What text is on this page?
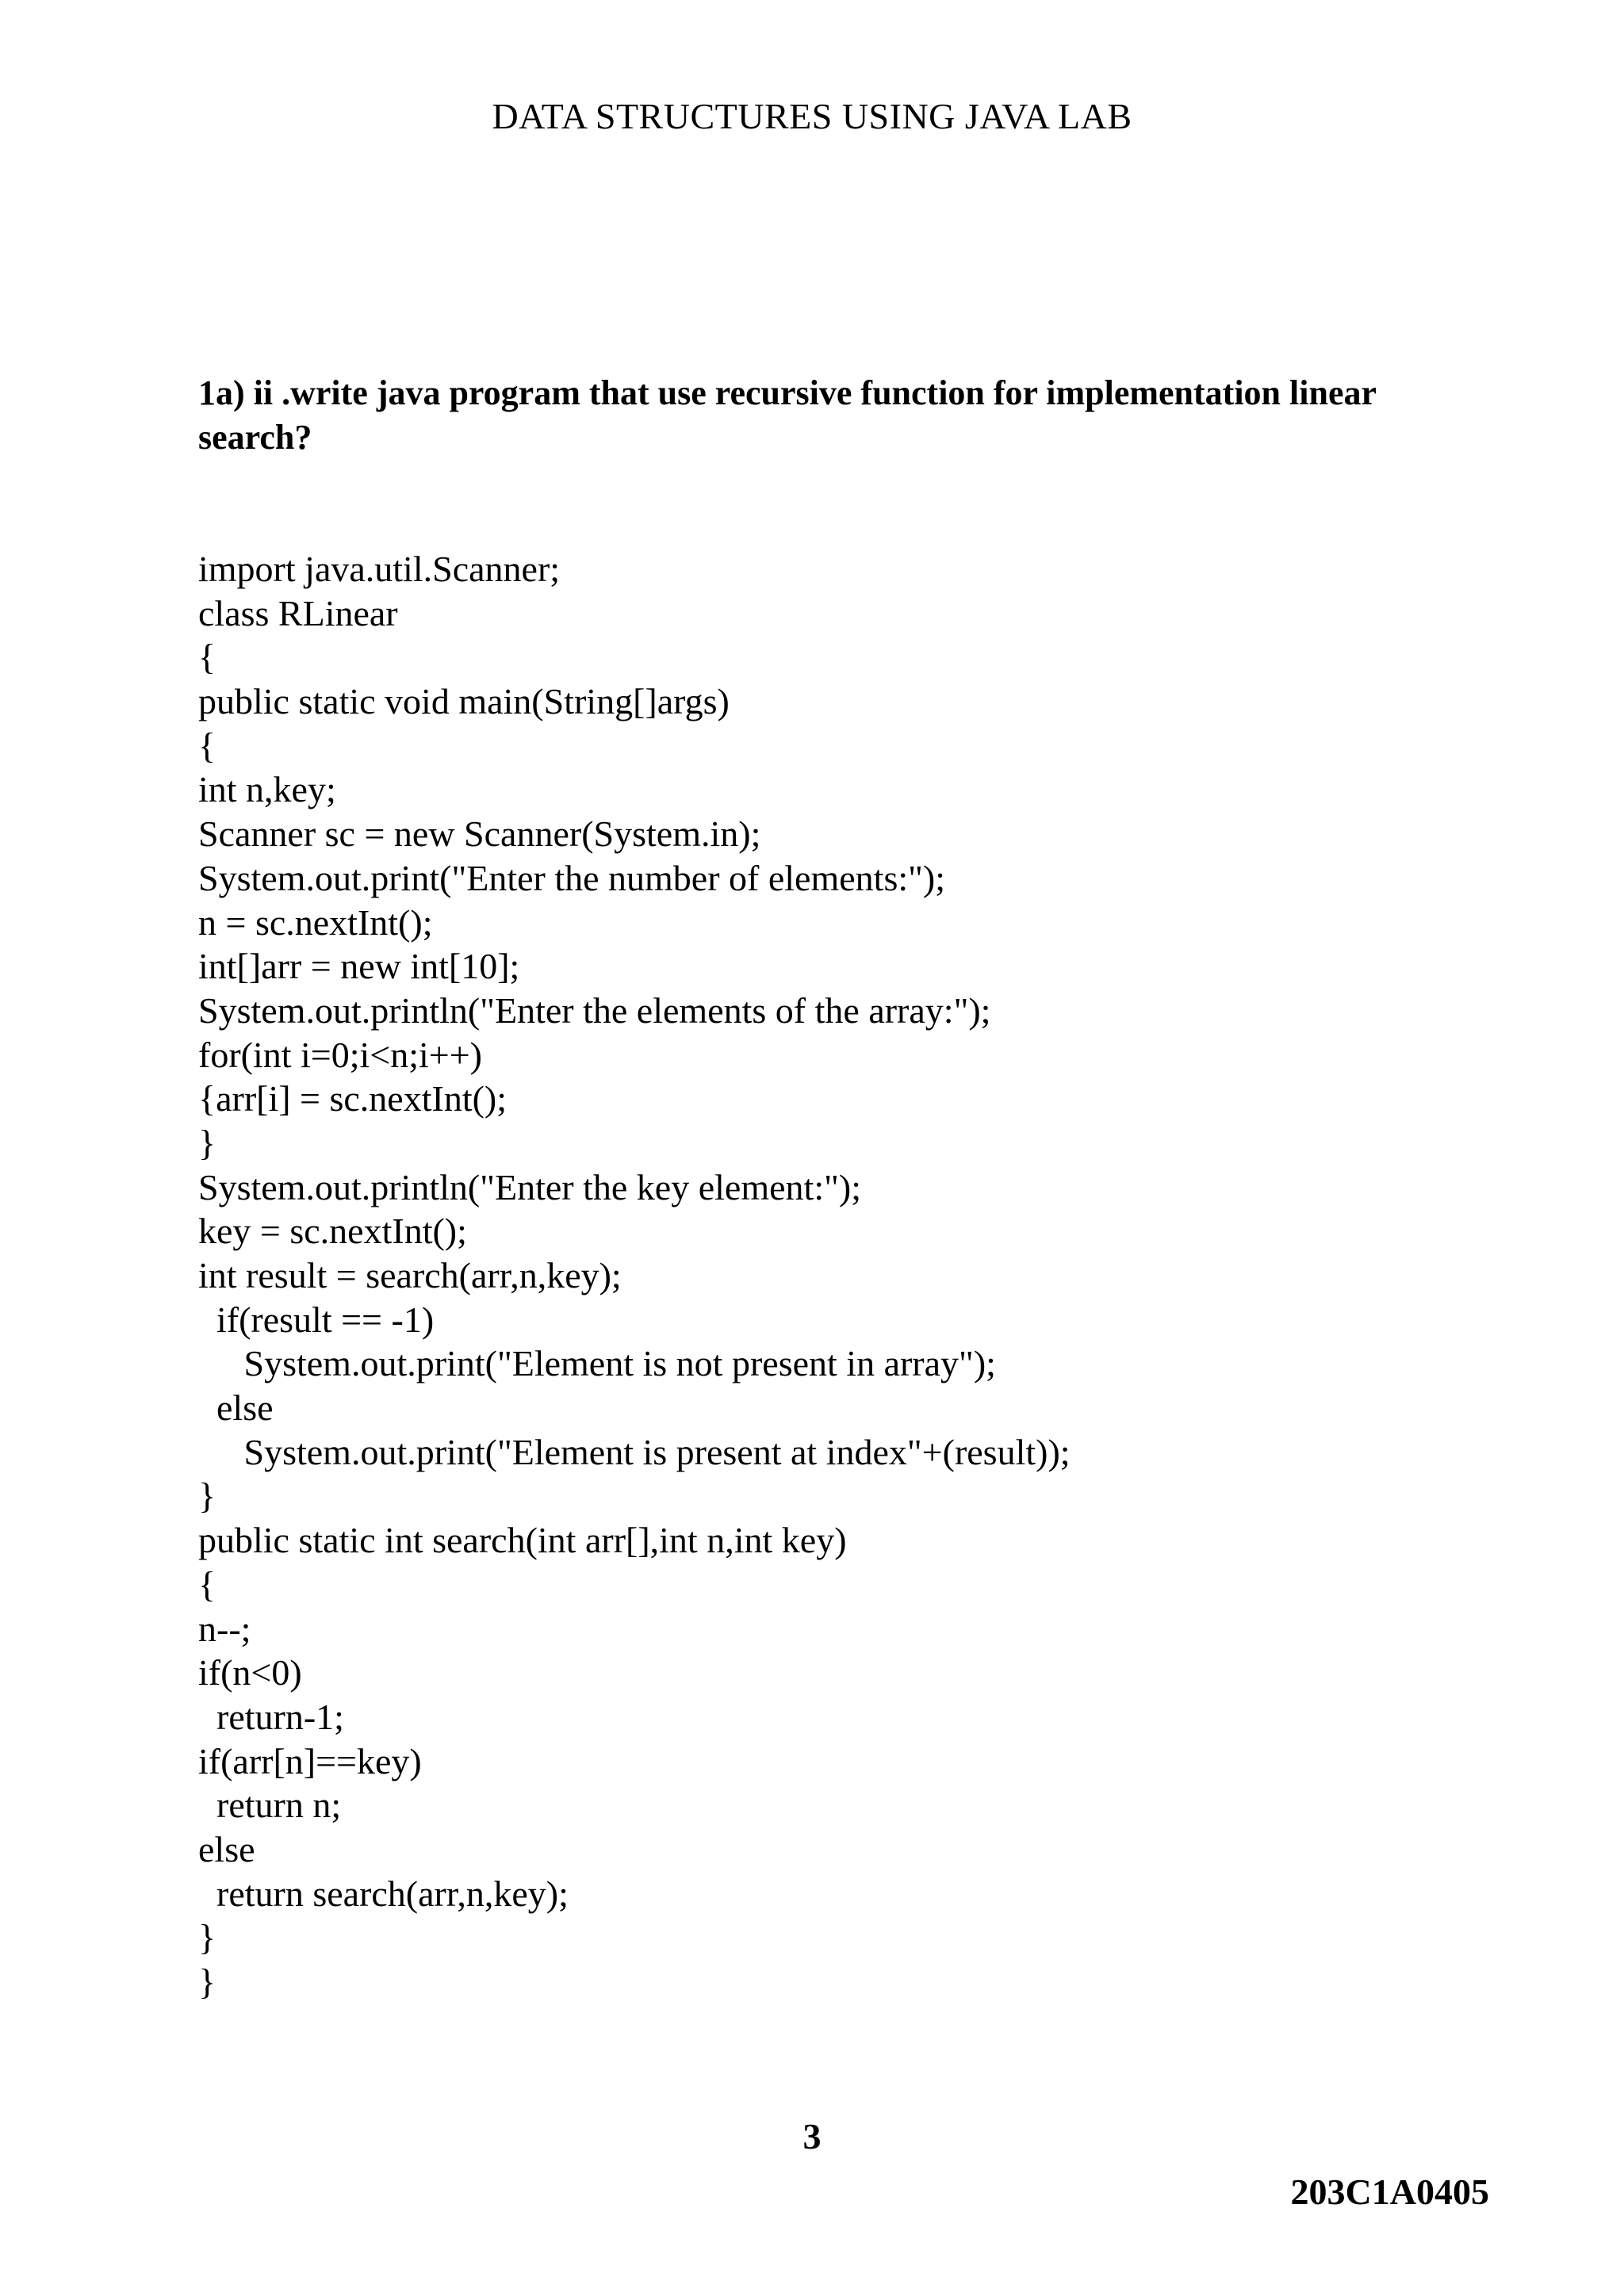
DATA STRUCTURES USING JAVA LAB
1a) ii .write java program that use recursive function for implementation linear
search?
import java.util.Scanner;
class RLinear
{
public static void main(String[]args)
{
int n,key;
Scanner sc = new Scanner(System.in);
System.out.print("Enter the number of elements:");
n = sc.nextInt();
int[]arr = new int[10];
System.out.println("Enter the elements of the array:");
for(int i=0;i<n;i++)
{arr[i] = sc.nextInt();
}
System.out.println("Enter the key element:");
key = sc.nextInt();
int result = search(arr,n,key);
if(result == -1)
System.out.print("Element is not present in array");
else
System.out.print("Element is present at index"+(result));
}
public static int search(int arr[],int n,int key)
{
n--;
if(n<0)
return-1;
if(arr[n]==key)
return n;
else
return search(arr,n,key);
}
}
3
203C1A0405
